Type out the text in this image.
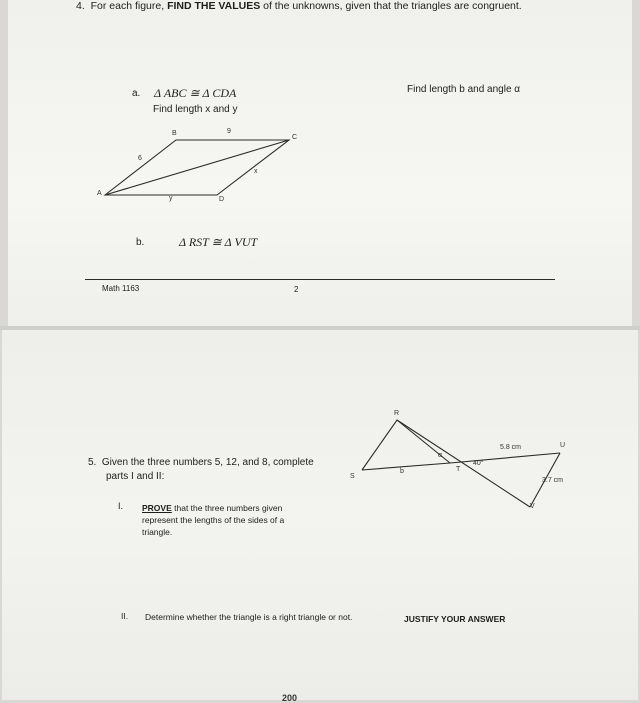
4. For each figure, FIND THE VALUES of the unknowns, given that the triangles are congruent.
a. Δ ABC ≅ Δ CDA
Find length x and y
B	9
C
6
x
A
y	D
Find length b and angle α
b.	Δ RST ≅ Δ VUT
Math 1163	2
R
S
b
α
T
40°
5.8 cm	U
3.7 cm
V
5. Given the three numbers 5, 12, and 8, complete
parts I and II:
I. PROVE that the three numbers given
represent the lengths of the sides of a
triangle.
II. Determine whether the triangle is a right triangle or not.	JUSTIFY YOUR ANSWER
200
